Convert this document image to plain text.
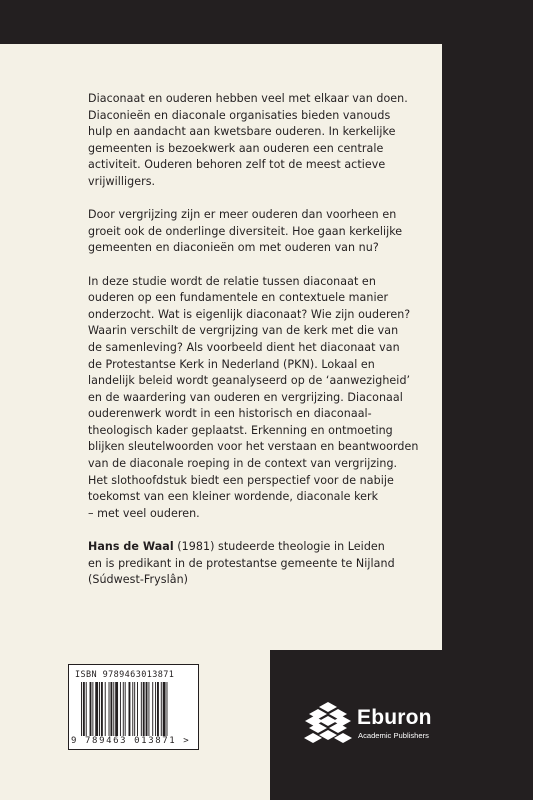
Diaconaat en ouderen hebben veel met elkaar van doen.
Diaconieën en diaconale organisaties bieden vanouds
hulp en aandacht aan kwetsbare ouderen. In kerkelijke
gemeenten is bezoekwerk aan ouderen een centrale
activiteit. Ouderen behoren zelf tot de meest actieve
vrijwilligers.

Door vergrijzing zijn er meer ouderen dan voorheen en
groeit ook de onderlinge diversiteit. Hoe gaan kerkelijke
gemeenten en diaconieën om met ouderen van nu?

In deze studie wordt de relatie tussen diaconaat en
ouderen op een fundamentele en contextuele manier
onderzocht. Wat is eigenlijk diaconaat? Wie zijn ouderen?
Waarin verschilt de vergrijzing van de kerk met die van
de samenleving? Als voorbeeld dient het diaconaat van
de Protestantse Kerk in Nederland (PKN). Lokaal en
landelijk beleid wordt geanalyseerd op de ‘aanwezigheid’
en de waardering van ouderen en vergrijzing. Diaconaal
ouderenwerk wordt in een historisch en diaconaal-
theologisch kader geplaatst. Erkenning en ontmoeting
blijken sleutelwoorden voor het verstaan en beantwoorden
van de diaconale roeping in de context van vergrijzing.
Het slothoofdstuk biedt een perspectief voor de nabije
toekomst van een kleiner wordende, diaconale kerk
– met veel ouderen.

Hans de Waal (1981) studeerde theologie in Leiden
en is predikant in de protestantse gemeente te Nijland
(Súdwest-Fryslân)

ISBN 9789463013871
9 789463 013871 >
Eburon
Academic Publishers
